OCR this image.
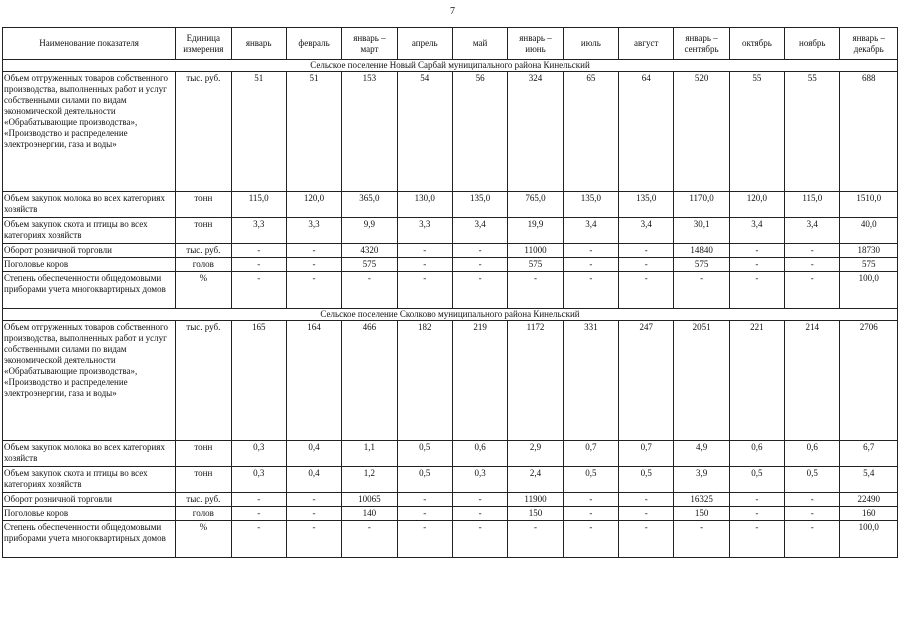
7
Наименование показателя	Единица измерения	январь	февраль	январь – март	апрель	май	январь – июнь	июль	август	январь – сентябрь	октябрь	ноябрь	январь – декабрь
Сельское поселение Новый Сарбай муниципального района Кинельский													
Объем отгруженных товаров собственного производства, выполненных работ и услуг собственными силами по видам экономической деятельности «Обрабатывающие производства», «Производство и распределение электроэнергии, газа и воды»	тыс. руб.	51	51	153	54	56	324	65	64	520	55	55	688
Объем закупок молока во всех категориях хозяйств	тонн	115,0	120,0	365,0	130,0	135,0	765,0	135,0	135,0	1170,0	120,0	115,0	1510,0
Объем закупок скота и птицы во всех категориях хозяйств	тонн	3,3	3,3	9,9	3,3	3,4	19,9	3,4	3,4	30,1	3,4	3,4	40,0
Оборот розничной торговли	тыс. руб.	-	-	4320	-	-	11000	-	-	14840	-	-	18730
Поголовье коров	голов	-	-	575	-	-	575	-	-	575	-	-	575
Степень обеспеченности общедомовыми приборами учета многоквартирных домов	%	-	-	-	-	-	-	-	-	-	-	-	100,0
Сельское поселение Сколково муниципального района Кинельский													
Объем отгруженных товаров собственного производства, выполненных работ и услуг собственными силами по видам экономической деятельности «Обрабатывающие производства», «Производство и распределение электроэнергии, газа и воды»	тыс. руб.	165	164	466	182	219	1172	331	247	2051	221	214	2706
Объем закупок молока во всех категориях хозяйств	тонн	0,3	0,4	1,1	0,5	0,6	2,9	0,7	0,7	4,9	0,6	0,6	6,7
Объем закупок скота и птицы во всех категориях хозяйств	тонн	0,3	0,4	1,2	0,5	0,3	2,4	0,5	0,5	3,9	0,5	0,5	5,4
Оборот розничной торговли	тыс. руб.	-	-	10065	-	-	11900	-	-	16325	-	-	22490
Поголовье коров	голов	-	-	140	-	-	150	-	-	150	-	-	160
Степень обеспеченности общедомовыми приборами учета многоквартирных домов	%	-	-	-	-	-	-	-	-	-	-	-	100,0
